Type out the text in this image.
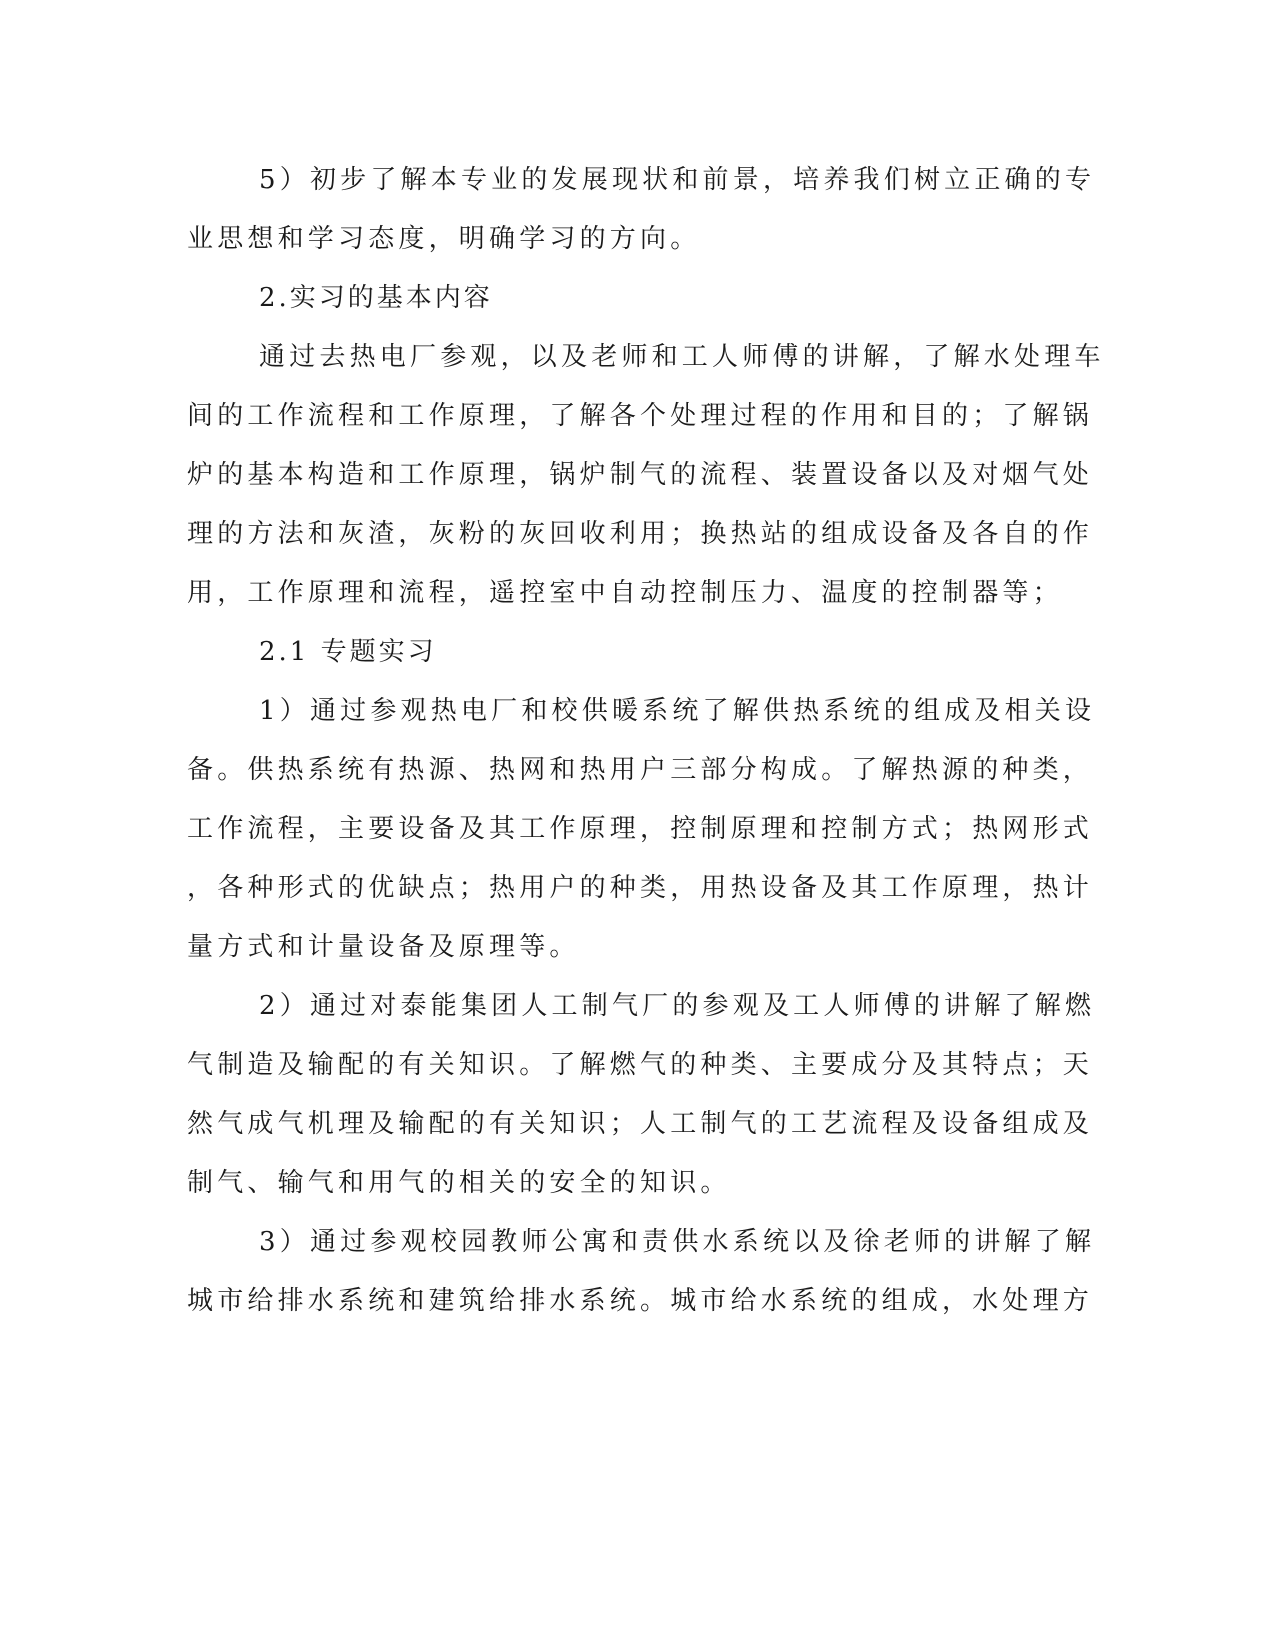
5）初步了解本专业的发展现状和前景，培养我们树立正确的专
业思想和学习态度，明确学习的方向。
2.实习的基本内容
通过去热电厂参观，以及老师和工人师傅的讲解，了解水处理车
间的工作流程和工作原理，了解各个处理过程的作用和目的；了解锅
炉的基本构造和工作原理，锅炉制气的流程、装置设备以及对烟气处
理的方法和灰渣，灰粉的灰回收利用；换热站的组成设备及各自的作
用，工作原理和流程，遥控室中自动控制压力、温度的控制器等；
2.1 专题实习
1）通过参观热电厂和校供暖系统了解供热系统的组成及相关设
备。供热系统有热源、热网和热用户三部分构成。了解热源的种类，
工作流程，主要设备及其工作原理，控制原理和控制方式；热网形式
，各种形式的优缺点；热用户的种类，用热设备及其工作原理，热计
量方式和计量设备及原理等。
2）通过对泰能集团人工制气厂的参观及工人师傅的讲解了解燃
气制造及输配的有关知识。了解燃气的种类、主要成分及其特点；天
然气成气机理及输配的有关知识；人工制气的工艺流程及设备组成及
制气、输气和用气的相关的安全的知识。
3）通过参观校园教师公寓和责供水系统以及徐老师的讲解了解
城市给排水系统和建筑给排水系统。城市给水系统的组成，水处理方
